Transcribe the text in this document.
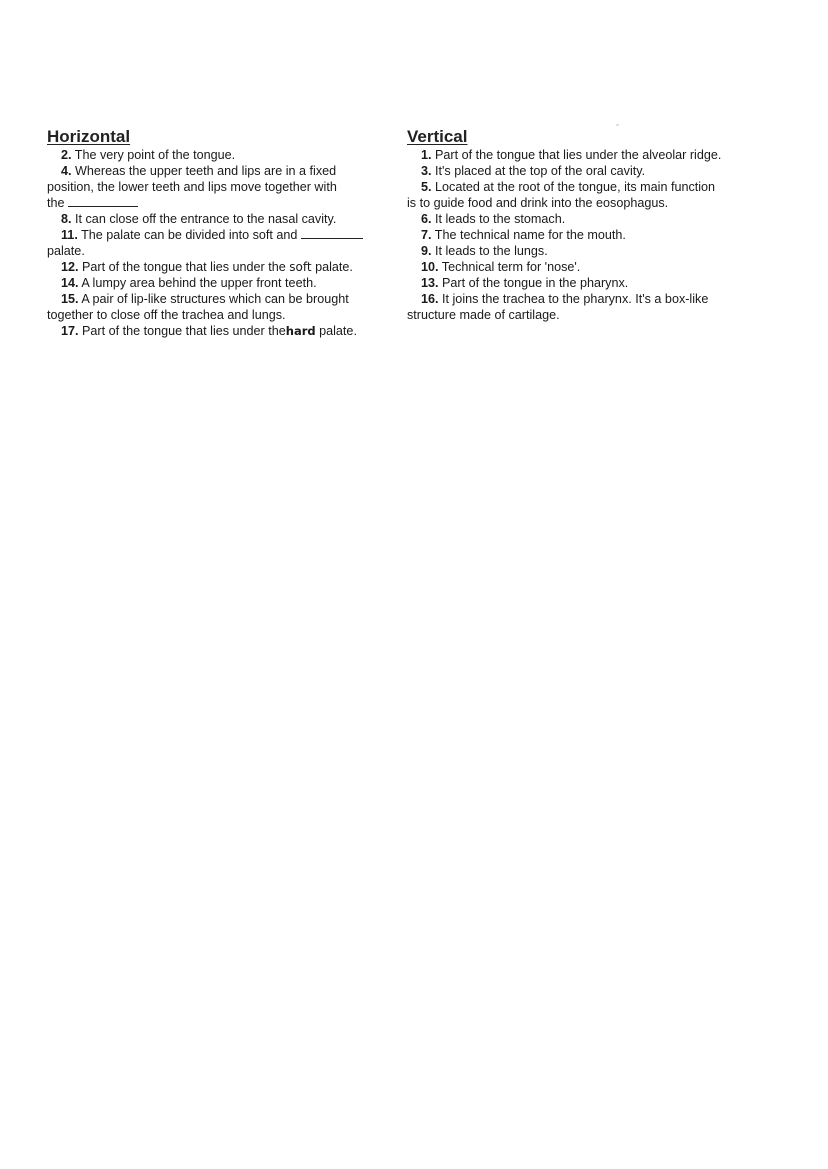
Horizontal

2. The very point of the tongue.

4. Whereas the upper teeth and lips are in a fixed
position, the lower teeth and lips move together with
the

8. It can close off the entrance to the nasal cavity.

11. The palate can be divided into soft and
palate.

12. Part of the tongue that lies under the soft palate.

14. A lumpy area behind the upper front teeth.

15. A pair of lip-like structures which can be brought
together to close off the trachea and lungs.

17. Part of the tongue that lies under thehard palate.

Vertical

1. Part of the tongue that lies under the alveolar ridge.

3. It's placed at the top of the oral cavity.

5. Located at the root of the tongue, its main function
is to guide food and drink into the eosophagus.

6. It leads to the stomach.

7. The technical name for the mouth.

9. It leads to the lungs.

10. Technical term for 'nose'.

13. Part of the tongue in the pharynx.

16. It joins the trachea to the pharynx. It's a box-like
structure made of cartilage.
